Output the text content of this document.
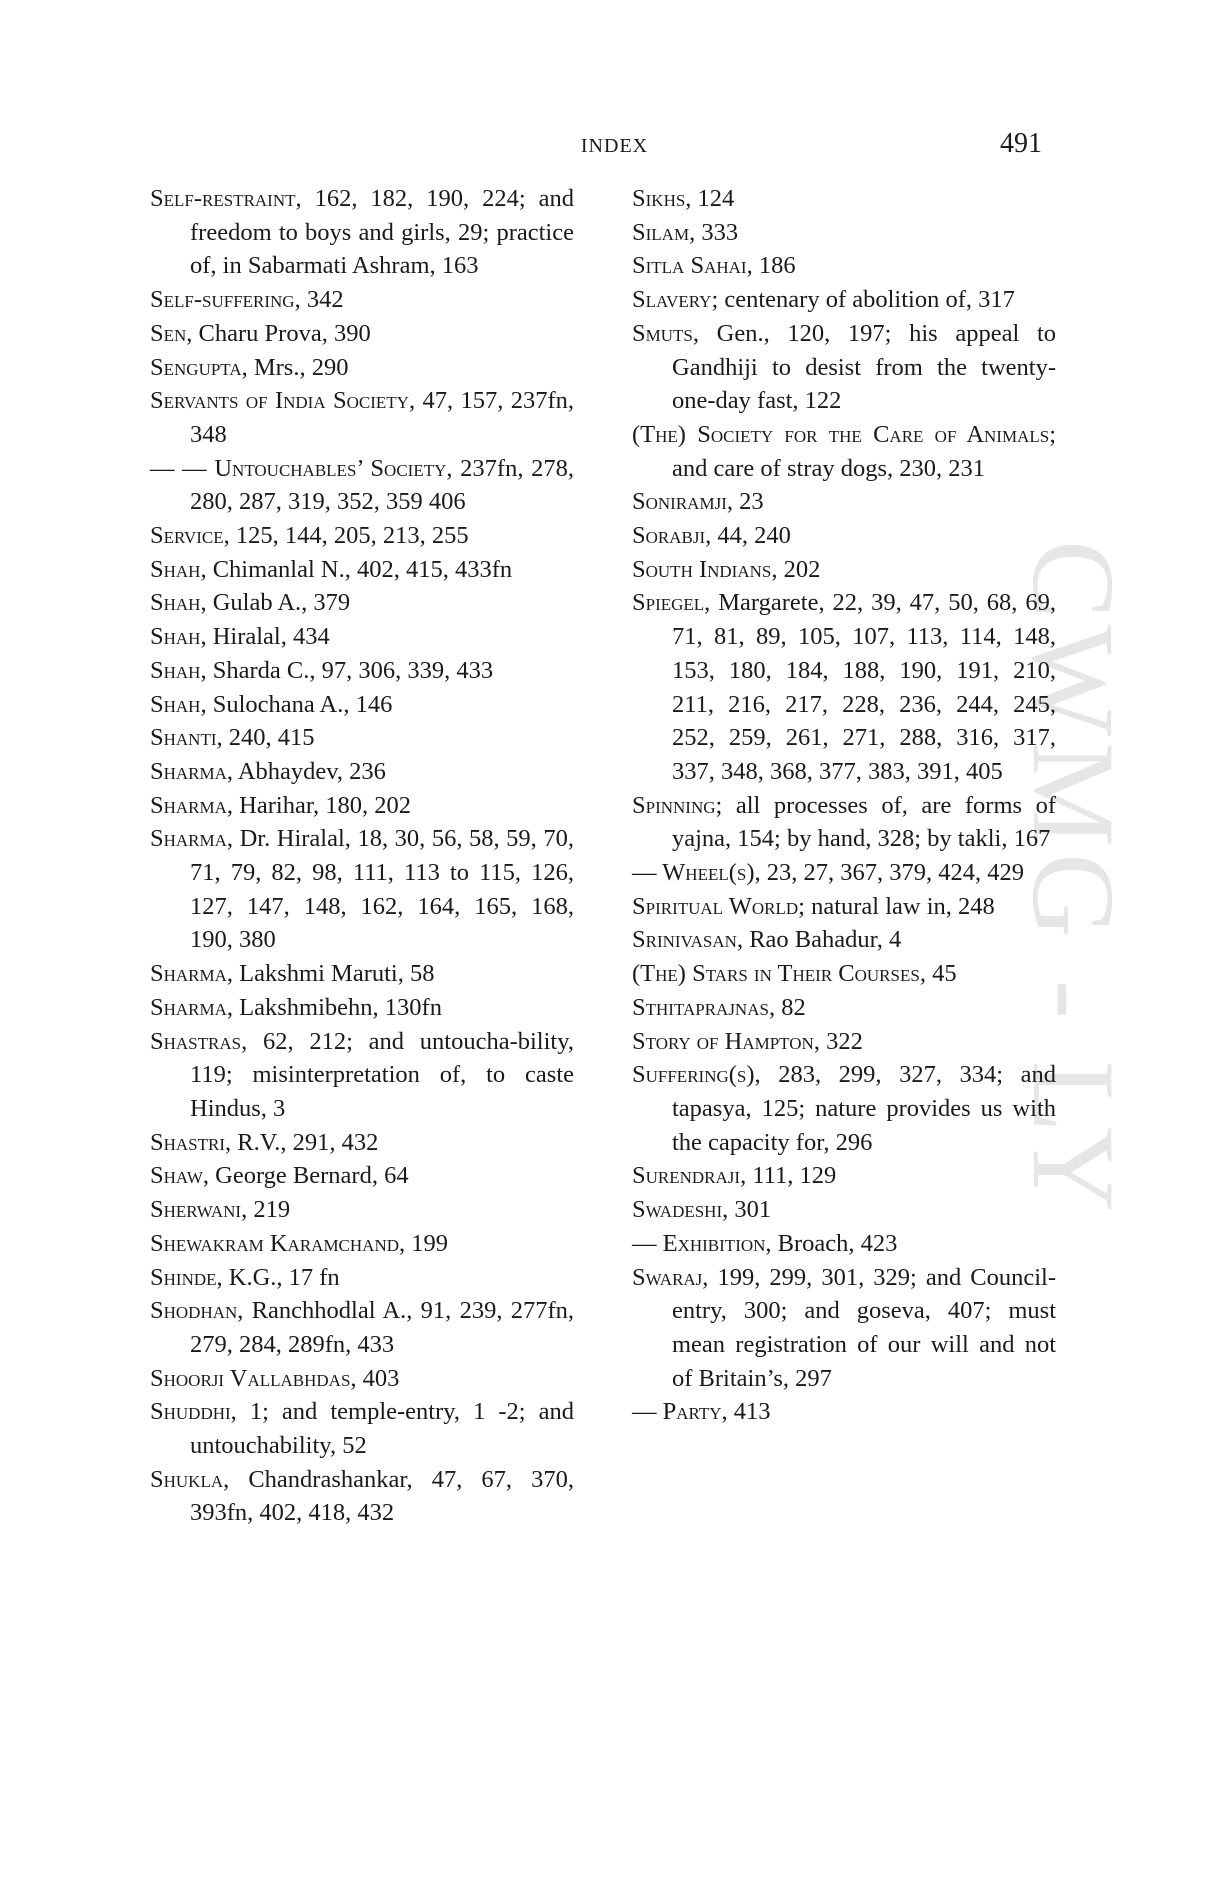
INDEX	491
CWMG - LY

Self-restraint, 162, 182, 190, 224; and freedom to boys and girls, 29; practice of, in Sabarmati Ashram, 163

Self-suffering, 342

Sen, Charu Prova, 390

Sengupta, Mrs., 290

Servants of India Society, 47, 157, 237fn, 348

— — Untouchables’ Society, 237fn, 278, 280, 287, 319, 352, 359 406

Service, 125, 144, 205, 213, 255

Shah, Chimanlal N., 402, 415, 433fn

Shah, Gulab A., 379

Shah, Hiralal, 434

Shah, Sharda C., 97, 306, 339, 433

Shah, Sulochana A., 146

Shanti, 240, 415

Sharma, Abhaydev, 236

Sharma, Harihar, 180, 202

Sharma, Dr. Hiralal, 18, 30, 56, 58, 59, 70, 71, 79, 82, 98, 111, 113 to 115, 126, 127, 147, 148, 162, 164, 165, 168, 190, 380

Sharma, Lakshmi Maruti, 58

Sharma, Lakshmibehn, 130fn

Shastras, 62, 212; and untoucha-bility, 119; misinterpretation of, to caste Hindus, 3

Shastri, R.V., 291, 432

Shaw, George Bernard, 64

Sherwani, 219

Shewakram Karamchand, 199

Shinde, K.G., 17 fn

Shodhan, Ranchhodlal A., 91, 239, 277fn, 279, 284, 289fn, 433

Shoorji Vallabhdas, 403

Shuddhi, 1; and temple-entry, 1 -2; and untouchability, 52

Shukla, Chandrashankar, 47, 67, 370, 393fn, 402, 418, 432

Sikhs, 124

Silam, 333

Sitla Sahai, 186

Slavery; centenary of abolition of, 317

Smuts, Gen., 120, 197; his appeal to Gandhiji to desist from the twenty-one-day fast, 122

(The) Society for the Care of Animals; and care of stray dogs, 230, 231

Soniramji, 23

Sorabji, 44, 240

South Indians, 202

Spiegel, Margarete, 22, 39, 47, 50, 68, 69, 71, 81, 89, 105, 107, 113, 114, 148, 153, 180, 184, 188, 190, 191, 210, 211, 216, 217, 228, 236, 244, 245, 252, 259, 261, 271, 288, 316, 317, 337, 348, 368, 377, 383, 391, 405

Spinning; all processes of, are forms of yajna, 154; by hand, 328; by takli, 167

— Wheel(s), 23, 27, 367, 379, 424, 429

Spiritual World; natural law in, 248

Srinivasan, Rao Bahadur, 4

(The) Stars in Their Courses, 45

Sthitaprajnas, 82

Story of Hampton, 322

Suffering(s), 283, 299, 327, 334; and tapasya, 125; nature provides us with the capacity for, 296

Surendraji, 111, 129

Swadeshi, 301

— Exhibition, Broach, 423

Swaraj, 199, 299, 301, 329; and Council-entry, 300; and goseva, 407; must mean registration of our will and not of Britain’s, 297

— Party, 413
